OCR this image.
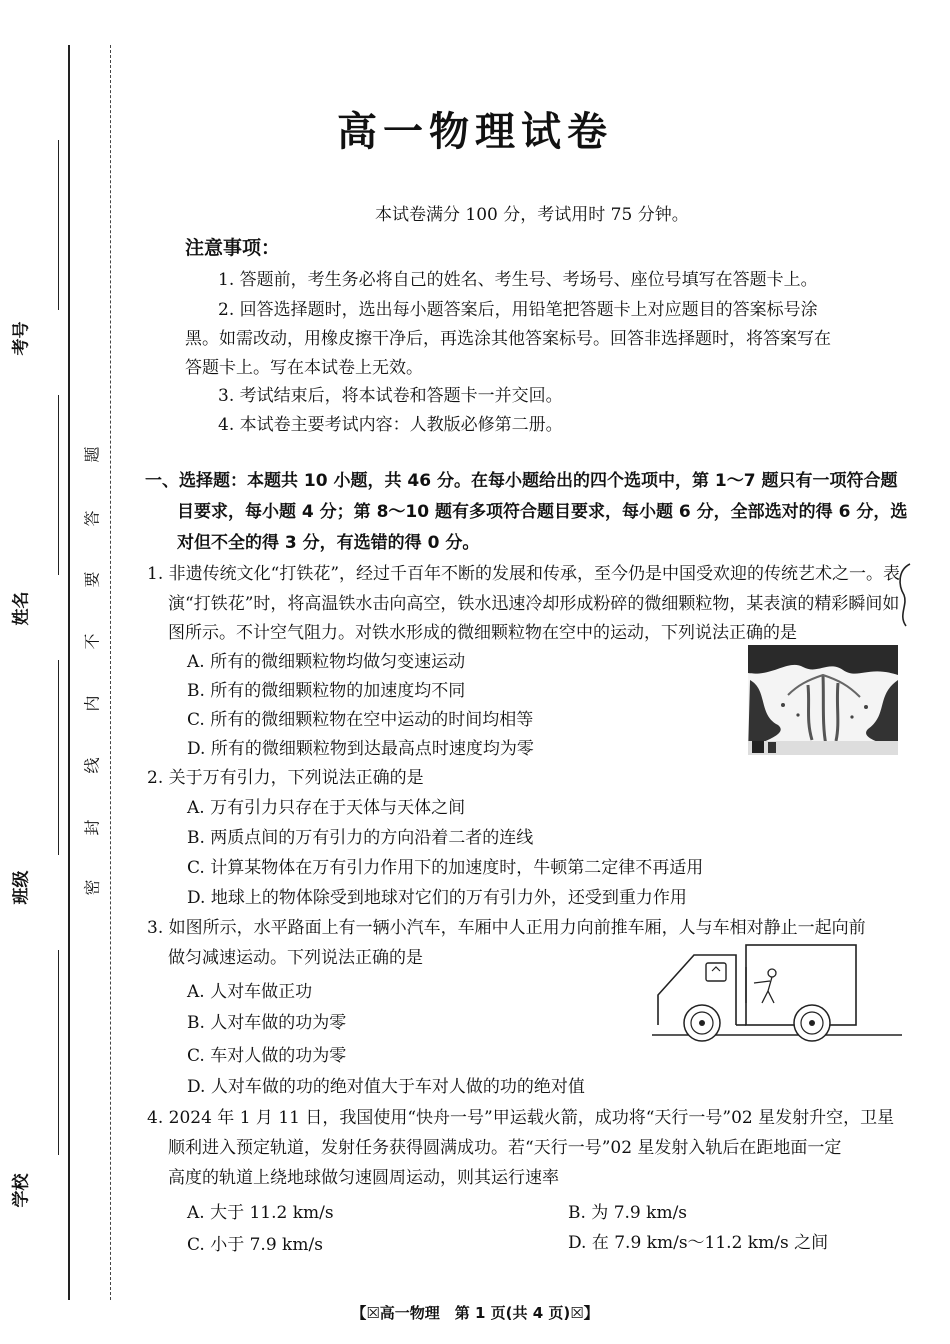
考号
姓名
班级
学校
题
答
要
不
内
线
封
密
高一物理试卷
本试卷满分 100 分，考试用时 75 分钟。
注意事项：
1. 答题前，考生务必将自己的姓名、考生号、考场号、座位号填写在答题卡上。
2. 回答选择题时，选出每小题答案后，用铅笔把答题卡上对应题目的答案标号涂
黑。如需改动，用橡皮擦干净后，再选涂其他答案标号。回答非选择题时，将答案写在
答题卡上。写在本试卷上无效。
3. 考试结束后，将本试卷和答题卡一并交回。
4. 本试卷主要考试内容：人教版必修第二册。
一、选择题：本题共 10 小题，共 46 分。在每小题给出的四个选项中，第 1～7 题只有一项符合题
目要求，每小题 4 分；第 8～10 题有多项符合题目要求，每小题 6 分，全部选对的得 6 分，选
对但不全的得 3 分，有选错的得 0 分。
1. 非遗传统文化“打铁花”，经过千百年不断的发展和传承，至今仍是中国受欢迎的传统艺术之一。表
演“打铁花”时，将高温铁水击向高空，铁水迅速冷却形成粉碎的微细颗粒物，某表演的精彩瞬间如
图所示。不计空气阻力。对铁水形成的微细颗粒物在空中的运动，下列说法正确的是
A. 所有的微细颗粒物均做匀变速运动
B. 所有的微细颗粒物的加速度均不同
C. 所有的微细颗粒物在空中运动的时间均相等
D. 所有的微细颗粒物到达最高点时速度均为零
2. 关于万有引力，下列说法正确的是
A. 万有引力只存在于天体与天体之间
B. 两质点间的万有引力的方向沿着二者的连线
C. 计算某物体在万有引力作用下的加速度时，牛顿第二定律不再适用
D. 地球上的物体除受到地球对它们的万有引力外，还受到重力作用
3. 如图所示，水平路面上有一辆小汽车，车厢中人正用力向前推车厢，人与车相对静止一起向前
做匀减速运动。下列说法正确的是
A. 人对车做正功
B. 人对车做的功为零
C. 车对人做的功为零
D. 人对车做的功的绝对值大于车对人做的功的绝对值
4. 2024 年 1 月 11 日，我国使用“快舟一号”甲运载火箭，成功将“天行一号”02 星发射升空，卫星
顺利进入预定轨道，发射任务获得圆满成功。若“天行一号”02 星发射入轨后在距地面一定
高度的轨道上绕地球做匀速圆周运动，则其运行速率
A. 大于 11.2 km/s	B. 为 7.9 km/s
C. 小于 7.9 km/s	D. 在 7.9 km/s～11.2 km/s 之间
【☒高一物理　第 1 页(共 4 页)☒】
